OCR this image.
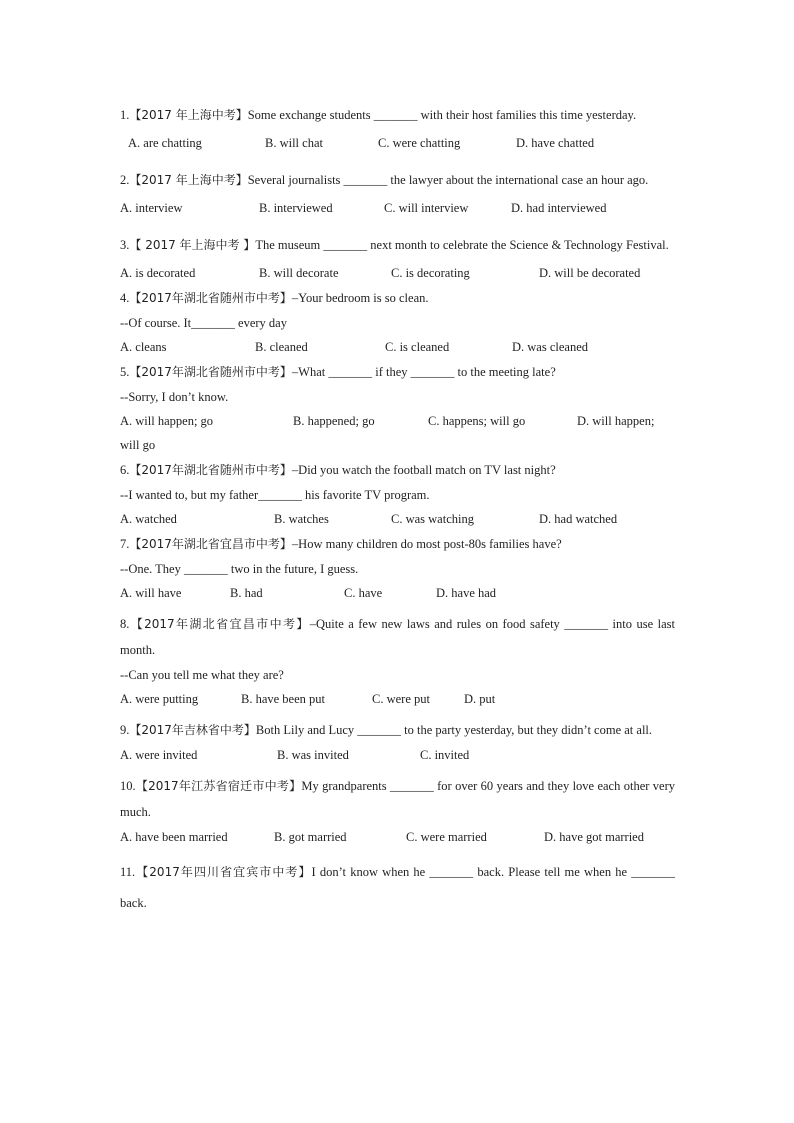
1.【2017 年上海中考】Some exchange students _______ with their host families this time yesterday.
A. are chatting	B. will chat	C. were chatting	D. have chatted
2.【2017 年上海中考】Several journalists _______ the lawyer about the international case an hour ago.
A. interview	B. interviewed	C. will interview	D. had interviewed
3.【 2017 年上海中考 】The museum _______ next month to celebrate the Science & Technology Festival.
A. is decorated	B. will decorate	C. is decorating	D. will be decorated
4.【2017年湖北省随州市中考】–Your bedroom is so clean.
--Of course. It_______ every day
A. cleans	B. cleaned	C. is cleaned	D. was cleaned
5.【2017年湖北省随州市中考】–What _______ if they _______ to the meeting late?
--Sorry, I don’t know.
A. will happen; go	B. happened; go	C. happens; will go	D. will happen;
will go
6.【2017年湖北省随州市中考】–Did you watch the football match on TV last night?
--I wanted to, but my father_______ his favorite TV program.
A. watched	B. watches	C. was watching	D. had watched
7.【2017年湖北省宜昌市中考】–How many children do most post-80s families have?
--One. They _______ two in the future, I guess.
A. will have	B. had	C. have	D. have had
8.【2017年湖北省宜昌市中考】–Quite a few new laws and rules on food safety _______ into use last month.
--Can you tell me what they are?
A. were putting	B. have been put	C. were put	D. put
9.【2017年吉林省中考】Both Lily and Lucy _______ to the party yesterday, but they didn’t come at all.
A. were invited	B. was invited	C. invited
10.【2017年江苏省宿迁市中考】My grandparents _______ for over 60 years and they love each other very much.
A. have been married	B. got married	C. were married	D. have got married
11.【2017年四川省宜宾市中考】I don’t know when he _______ back. Please tell me when he _______ back.
